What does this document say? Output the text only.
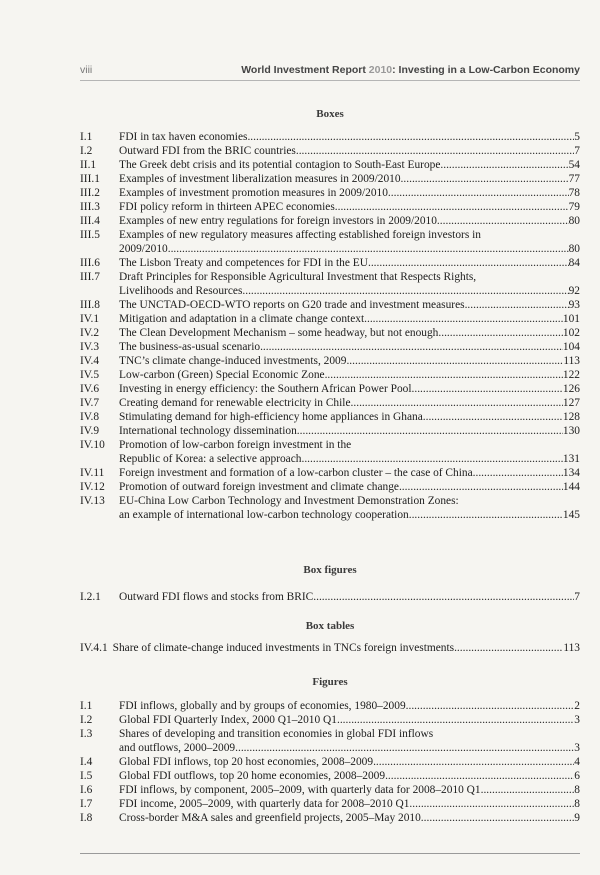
viii	World Investment Report 2010: Investing in a Low-Carbon Economy
Boxes
I.1 FDI in tax haven economies .....	5
I.2 Outward FDI from the BRIC countries .....	7
II.1 The Greek debt crisis and its potential contagion to South-East Europe .....	54
III.1 Examples of investment liberalization measures in 2009/2010 .....	77
III.2 Examples of investment promotion measures in 2009/2010 .....	78
III.3 FDI policy reform in thirteen APEC economies .....	79
III.4 Examples of new entry regulations for foreign investors in 2009/2010 .....	80
III.5 Examples of new regulatory measures affecting established foreign investors in
2009/2010 .....	80
III.6 The Lisbon Treaty and competences for FDI in the EU .....	84
III.7 Draft Principles for Responsible Agricultural Investment that Respects Rights,
Livelihoods and Resources .....	92
III.8 The UNCTAD-OECD-WTO reports on G20 trade and investment measures .....	93
IV.1 Mitigation and adaptation in a climate change context .....	101
IV.2 The Clean Development Mechanism – some headway, but not enough .....	102
IV.3 The business-as-usual scenario .....	104
IV.4 TNC’s climate change-induced investments, 2009 .....	113
IV.5 Low-carbon (Green) Special Economic Zone .....	122
IV.6 Investing in energy efficiency: the Southern African Power Pool .....	126
IV.7 Creating demand for renewable electricity in Chile .....	127
IV.8 Stimulating demand for high-efficiency home appliances in Ghana .....	128
IV.9 International technology dissemination .....	130
IV.10 Promotion of low-carbon foreign investment in the
Republic of Korea: a selective approach .....	131
IV.11 Foreign investment and formation of a low-carbon cluster – the case of China .....	134
IV.12 Promotion of outward foreign investment and climate change .....	144
IV.13 EU-China Low Carbon Technology and Investment Demonstration Zones:
an example of international low-carbon technology cooperation .....	145
Box figures
I.2.1 Outward FDI flows and stocks from BRIC .....	7
Box tables
IV.4.1 Share of climate-change induced investments in TNCs foreign investments .....	113
Figures
I.1 FDI inflows, globally and by groups of economies, 1980–2009 .....	2
I.2 Global FDI Quarterly Index, 2000 Q1–2010 Q1 .....	3
I.3 Shares of developing and transition economies in global FDI inflows
and outflows, 2000–2009 .....	3
I.4 Global FDI inflows, top 20 host economies, 2008–2009 .....	4
I.5 Global FDI outflows, top 20 home economies, 2008–2009 .....	6
I.6 FDI inflows, by component, 2005–2009, with quarterly data for 2008–2010 Q1 .....	8
I.7 FDI income, 2005–2009, with quarterly data for 2008–2010 Q1 .....	8
I.8 Cross-border M&A sales and greenfield projects, 2005–May 2010 .....	9
